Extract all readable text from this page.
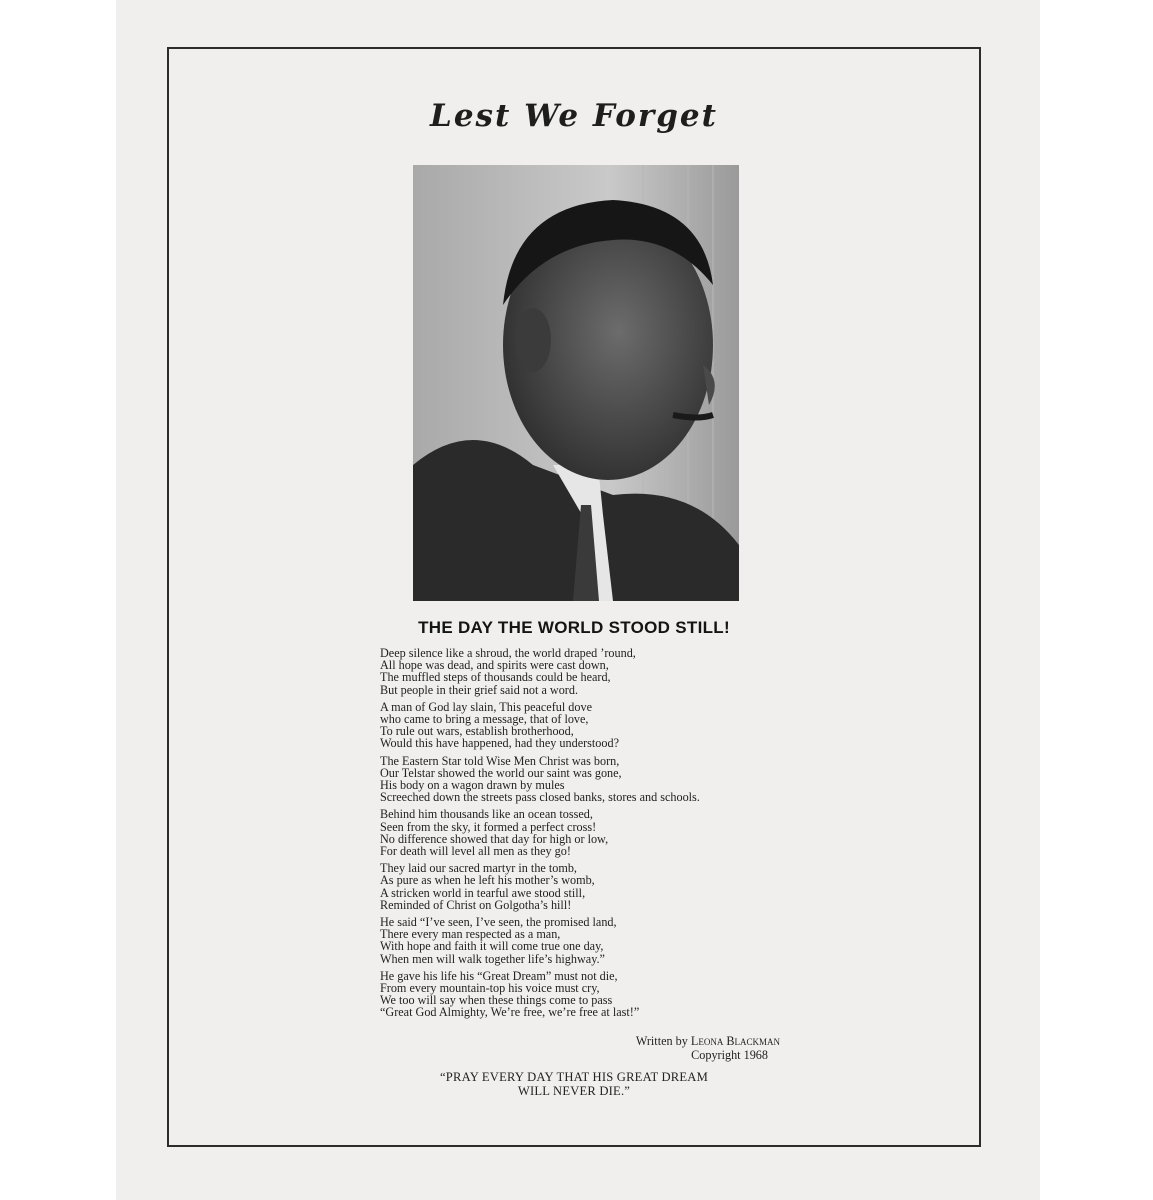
Lest We Forget
THE DAY THE WORLD STOOD STILL!
Deep silence like a shroud, the world draped ’round,
All hope was dead, and spirits were cast down,
The muffled steps of thousands could be heard,
But people in their grief said not a word.
A man of God lay slain, This peaceful dove
who came to bring a message, that of love,
To rule out wars, establish brotherhood,
Would this have happened, had they understood?
The Eastern Star told Wise Men Christ was born,
Our Telstar showed the world our saint was gone,
His body on a wagon drawn by mules
Screeched down the streets pass closed banks, stores and schools.
Behind him thousands like an ocean tossed,
Seen from the sky, it formed a perfect cross!
No difference showed that day for high or low,
For death will level all men as they go!
They laid our sacred martyr in the tomb,
As pure as when he left his mother’s womb,
A stricken world in tearful awe stood still,
Reminded of Christ on Golgotha’s hill!
He said “I’ve seen, I’ve seen, the promised land,
There every man respected as a man,
With hope and faith it will come true one day,
When men will walk together life’s highway.”
He gave his life his “Great Dream” must not die,
From every mountain-top his voice must cry,
We too will say when these things come to pass
“Great God Almighty, We’re free, we’re free at last!”
Written by Leona Blackman
Copyright 1968
“PRAY EVERY DAY THAT HIS GREAT DREAM
WILL NEVER DIE.”
